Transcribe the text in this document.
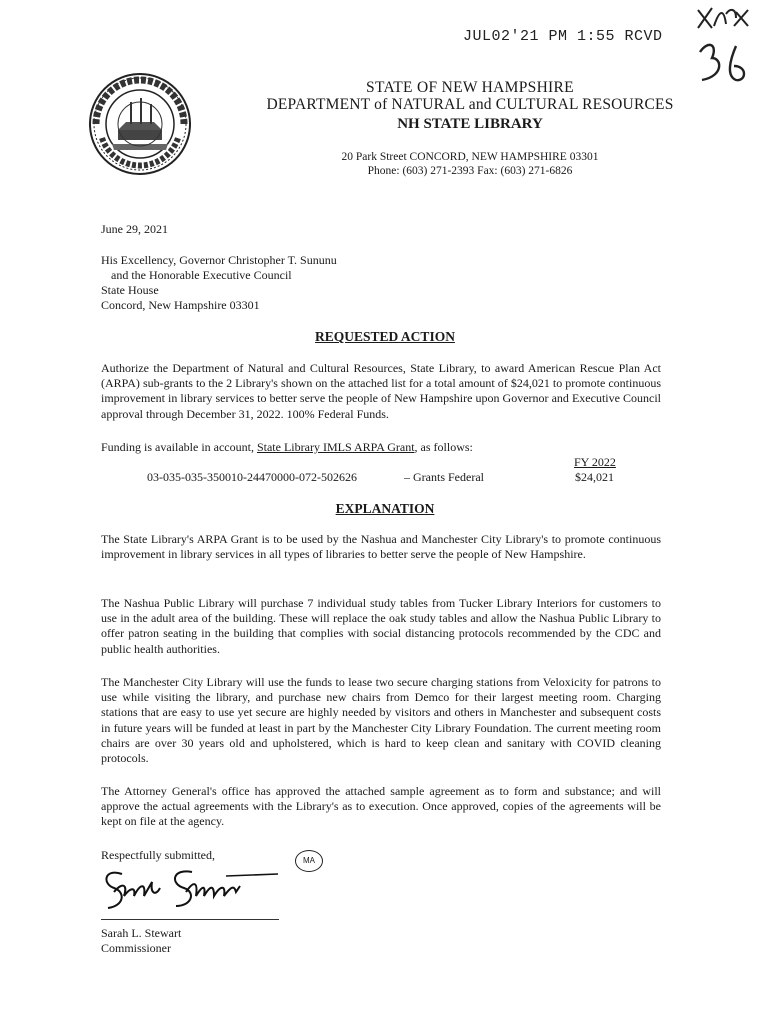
JUL02'21 PM 1:55 RCVD
STATE OF NEW HAMPSHIRE
DEPARTMENT of NATURAL and CULTURAL RESOURCES
NH STATE LIBRARY
20 Park Street CONCORD, NEW HAMPSHIRE 03301
Phone: (603) 271-2393 Fax: (603) 271-6826
June 29, 2021
His Excellency, Governor Christopher T. Sununu
and the Honorable Executive Council
State House
Concord, New Hampshire 03301
REQUESTED ACTION
Authorize the Department of Natural and Cultural Resources, State Library, to award American Rescue Plan Act (ARPA) sub-grants to the 2 Library's shown on the attached list for a total amount of $24,021 to promote continuous improvement in library services to better serve the people of New Hampshire upon Governor and Executive Council approval through December 31, 2022. 100% Federal Funds.
Funding is available in account, State Library IMLS ARPA Grant, as follows:
FY 2022
03-035-035-350010-24470000-072-502626	– Grants Federal	$24,021
EXPLANATION
The State Library's ARPA Grant is to be used by the Nashua and Manchester City Library's to promote continuous improvement in library services in all types of libraries to better serve the people of New Hampshire.
The Nashua Public Library will purchase 7 individual study tables from Tucker Library Interiors for customers to use in the adult area of the building. These will replace the oak study tables and allow the Nashua Public Library to offer patron seating in the building that complies with social distancing protocols recommended by the CDC and public health authorities.
The Manchester City Library will use the funds to lease two secure charging stations from Veloxicity for patrons to use while visiting the library, and purchase new chairs from Demco for their largest meeting room. Charging stations that are easy to use yet secure are highly needed by visitors and others in Manchester and subsequent costs in future years will be funded at least in part by the Manchester City Library Foundation. The current meeting room chairs are over 30 years old and upholstered, which is hard to keep clean and sanitary with COVID cleaning protocols.
The Attorney General's office has approved the attached sample agreement as to form and substance; and will approve the actual agreements with the Library's as to execution. Once approved, copies of the agreements will be kept on file at the agency.
Respectfully submitted,	MA
Sarah L. Stewart
Commissioner
